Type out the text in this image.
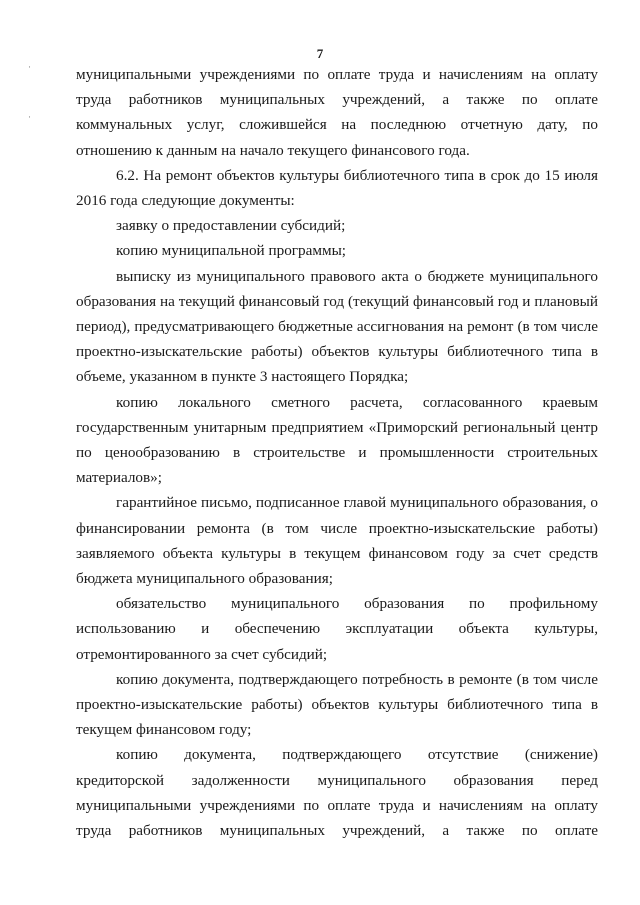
7
·
·

муниципальными учреждениями по оплате труда и начислениям на оплату труда работников муниципальных учреждений, а также по оплате коммунальных услуг, сложившейся на последнюю отчетную дату, по отношению к данным на начало текущего финансового года.

6.2. На ремонт объектов культуры библиотечного типа в срок до 15 июля 2016 года следующие документы:

заявку о предоставлении субсидий;

копию муниципальной программы;

выписку из муниципального правового акта о бюджете муниципального образования на текущий финансовый год (текущий финансовый год и плановый период), предусматривающего бюджетные ассигнования на ремонт (в том числе проектно-изыскательские работы) объектов культуры библиотечного типа в объеме, указанном в пункте 3 настоящего Порядка;

копию локального сметного расчета, согласованного краевым государственным унитарным предприятием «Приморский региональный центр по ценообразованию в строительстве и промышленности строительных материалов»;

гарантийное письмо, подписанное главой муниципального образования, о финансировании ремонта (в том числе проектно-изыскательские работы) заявляемого объекта культуры в текущем финансовом году за счет средств бюджета муниципального образования;

обязательство муниципального образования по профильному использованию и обеспечению эксплуатации объекта культуры, отремонтированного за счет субсидий;

копию документа, подтверждающего потребность в ремонте (в том числе проектно-изыскательские работы) объектов культуры библиотечного типа в текущем финансовом году;

копию документа, подтверждающего отсутствие (снижение) кредиторской задолженности муниципального образования перед муниципальными учреждениями по оплате труда и начислениям на оплату труда работников муниципальных учреждений, а также по оплате
